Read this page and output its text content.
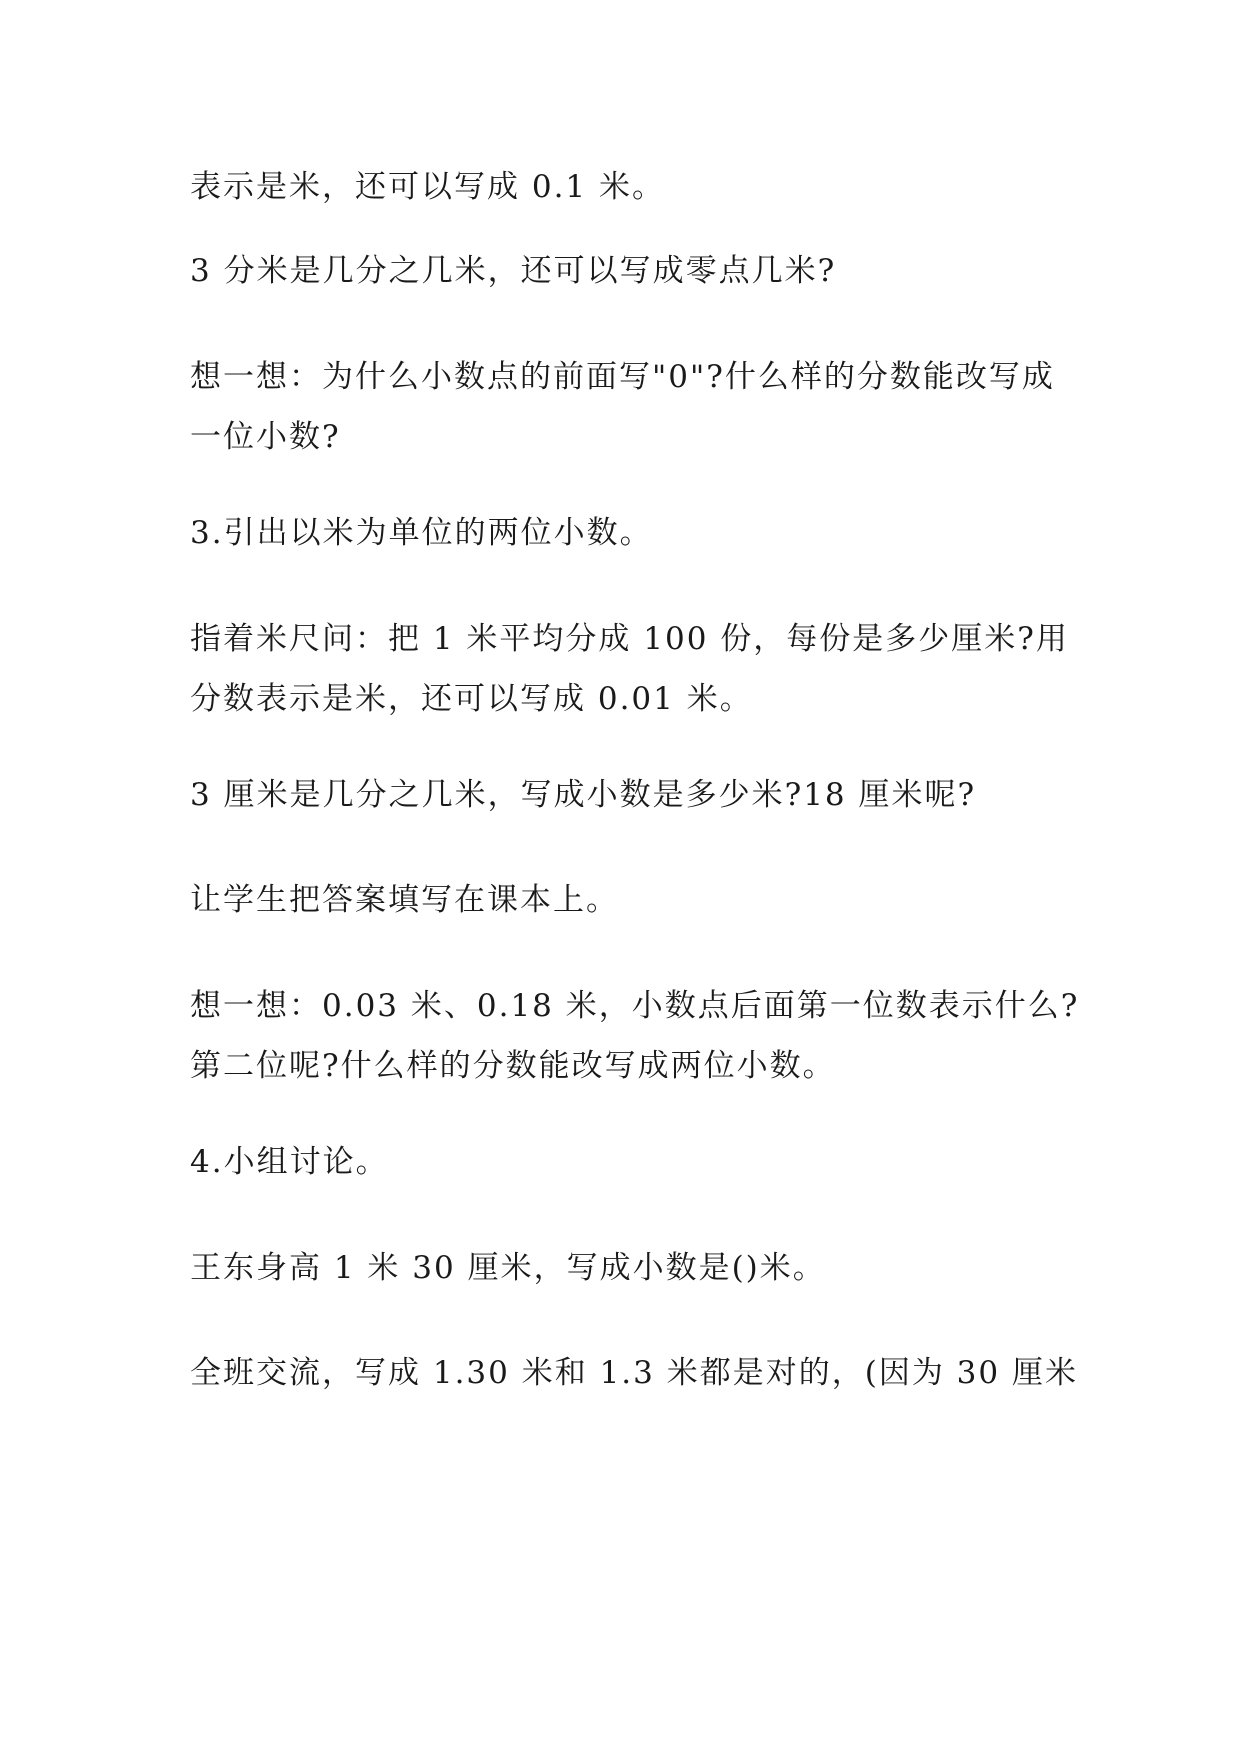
表示是米，还可以写成 0.1 米。

3 分米是几分之几米，还可以写成零点几米?

想一想：为什么小数点的前面写"0"?什么样的分数能改写成
一位小数?

3.引出以米为单位的两位小数。

指着米尺问：把 1 米平均分成 100 份，每份是多少厘米?用
分数表示是米，还可以写成 0.01 米。

3 厘米是几分之几米，写成小数是多少米?18 厘米呢?

让学生把答案填写在课本上。

想一想：0.03 米、0.18 米，小数点后面第一位数表示什么?
第二位呢?什么样的分数能改写成两位小数。

4.小组讨论。

王东身高 1 米 30 厘米，写成小数是()米。

全班交流，写成 1.30 米和 1.3 米都是对的，(因为 30 厘米
